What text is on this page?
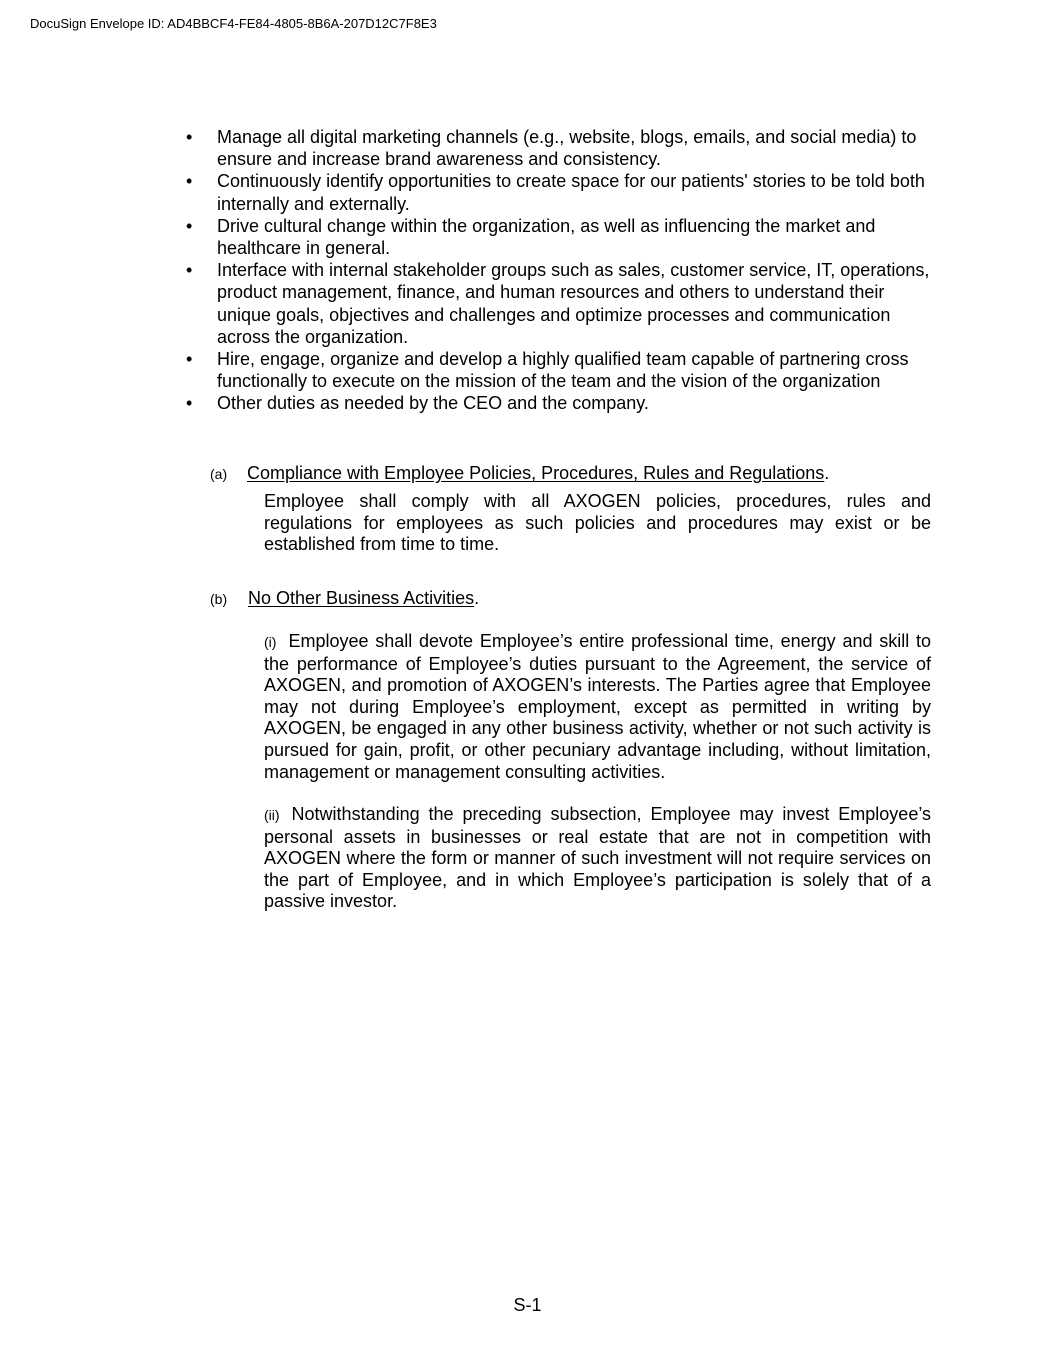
DocuSign Envelope ID: AD4BBCF4-FE84-4805-8B6A-207D12C7F8E3
•	Manage all digital marketing channels (e.g., website, blogs, emails, and social media) to ensure and increase brand awareness and consistency.
•	Continuously identify opportunities to create space for our patients' stories to be told both internally and externally.
•	Drive cultural change within the organization, as well as influencing the market and healthcare in general.
•	Interface with internal stakeholder groups such as sales, customer service, IT, operations, product management, finance, and human resources and others to understand their unique goals, objectives and challenges and optimize processes and communication across the organization.
•	Hire, engage, organize and develop a highly qualified team capable of partnering cross functionally to execute on the mission of the team and the vision of the organization
•	Other duties as needed by the CEO and the company.
(a) Compliance with Employee Policies, Procedures, Rules and Regulations.

Employee shall comply with all AXOGEN policies, procedures, rules and regulations for employees as such policies and procedures may exist or be established from time to time.

(b) No Other Business Activities.

(i) Employee shall devote Employee’s entire professional time, energy and skill to the performance of Employee’s duties pursuant to the Agreement, the service of AXOGEN, and promotion of AXOGEN’s interests. The Parties agree that Employee may not during Employee’s employment, except as permitted in writing by AXOGEN, be engaged in any other business activity, whether or not such activity is pursued for gain, profit, or other pecuniary advantage including, without limitation, management or management consulting activities.

(ii) Notwithstanding the preceding subsection, Employee may invest Employee’s personal assets in businesses or real estate that are not in competition with AXOGEN where the form or manner of such investment will not require services on the part of Employee, and in which Employee’s participation is solely that of a passive investor.

S-1
